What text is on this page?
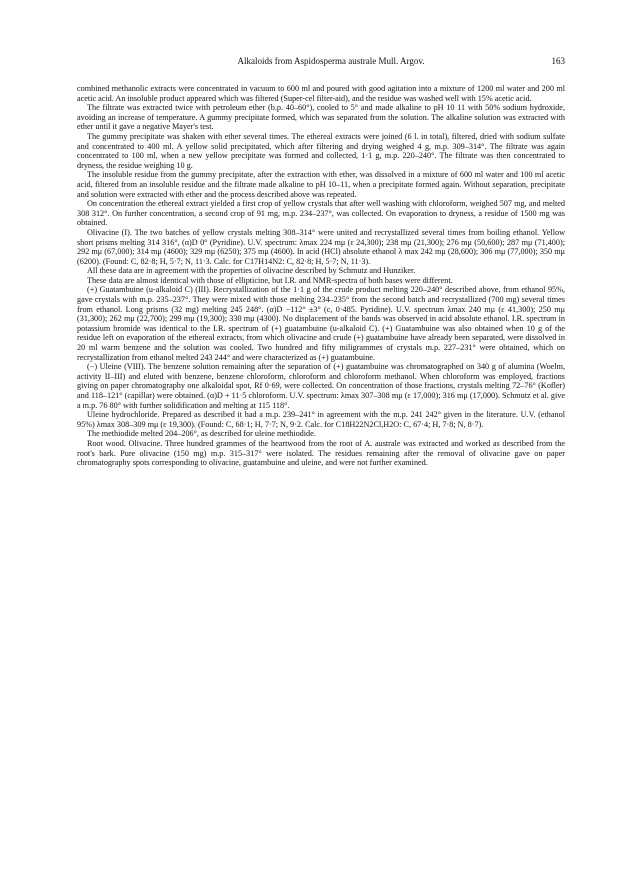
Alkaloids from Aspidosperma australe Mull. Argov.	163

combined methanolic extracts were concentrated in vacuum to 600 ml and poured with good agitation into a mixture of 1200 ml water and 200 ml acetic acid. An insoluble product appeared which was filtered (Super-cel filter-aid), and the residue was washed well with 15% acetic acid.

The filtrate was extracted twice with petroleum ether (b.p. 40–60°), cooled to 5° and made alkaline to pH 10 11 with 50% sodium hydroxide, avoiding an increase of temperature. A gummy precipitate formed, which was separated from the solution. The alkaline solution was extracted with ether until it gave a negative Mayer's test.

The gummy precipitate was shaken with ether several times. The ethereal extracts were joined (6 l. in total), filtered, dried with sodium sulfate and concentrated to 400 ml. A yellow solid precipitated, which after filtering and drying weighed 4 g, m.p. 309–314°. The filtrate was again concentrated to 100 ml, when a new yellow precipitate was formed and collected, 1·1 g, m.p. 220–240°. The filtrate was then concentrated to dryness, the residue weighing 10 g.

The insoluble residue from the gummy precipitate, after the extraction with ether, was dissolved in a mixture of 600 ml water and 100 ml acetic acid, filtered from an insoluble residue and the filtrate made alkaline to pH 10–11, when a precipitate formed again. Without separation, precipitate and solution were extracted with ether and the process described above was repeated.

On concentration the ethereal extract yielded a first crop of yellow crystals that after well washing with chloroform, weighed 507 mg, and melted 308 312°. On further concentration, a second crop of 91 mg, m.p. 234–237°, was collected. On evaporation to dryness, a residue of 1500 mg was obtained.

Olivacine (I). The two batches of yellow crystals melting 308–314° were united and recrystallized several times from boiling ethanol. Yellow short prisms melting 314 316°, (α)D 0° (Pyridine). U.V. spectrum: λmax 224 mμ (ε 24,300); 238 mμ (21,300); 276 mμ (50,600); 287 mμ (71,400); 292 mμ (67,000); 314 mμ (4600); 329 mμ (6250); 375 mμ (4600). In acid (HCl) absolute ethanol λ max 242 mμ (28,600); 306 mμ (77,000); 350 mμ (6200). (Found: C, 82·8; H, 5·7; N, 11·3. Calc. for C17H14N2: C, 82·8; H, 5·7; N, 11·3).

All these data are in agreement with the properties of olivacine described by Schmutz and Hunziker.

These data are almost identical with those of ellipticine, but I.R. and NMR-spectra of both bases were different.

(+) Guatambuine (u-alkaloid C) (III). Recrystallization of the 1·1 g of the crude product melting 220–240° described above, from ethanol 95%, gave crystals with m.p. 235–237°. They were mixed with those melting 234–235° from the second batch and recrystallized (700 mg) several times from ethanol. Long prisms (32 mg) melting 245 248°. (α)D −112° ±3° (c, 0·485. Pyridine). U.V. spectrum λmax 240 mμ (ε 41,300); 250 mμ (31,300); 262 mμ (22,700); 299 mμ (19,300); 330 mμ (4300). No displacement of the bands was observed in acid absolute ethanol. I.R. spectrum in potassium bromide was identical to the I.R. spectrum of (+) guatambuine (u-alkaloid C). (+) Guatambuine was also obtained when 10 g of the residue left on evaporation of the ethereal extracts, from which olivacine and crude (+) guatambuine have already been separated, were dissolved in 20 ml warm benzene and the solution was cooled. Two hundred and fifty miligrammes of crystals m.p. 227–231° were obtained, which on recrystallization from ethanol melted 243 244° and were characterized as (+) guatambuine.

(−) Uleine (VIII). The benzene solution remaining after the separation of (+) guatambuine was chromatographed on 340 g of alumina (Woelm, activity II–III) and eluted with benzene, benzene chloroform, chloroform and chloroform methanol. When chloroform was employed, fractions giving on paper chromatography one alkaloidal spot, Rf 0·69, were collected. On concentration of those fractions, crystals melting 72–76° (Kofler) and 118–121° (capillar) were obtained. (α)D + 11·5 chloroform. U.V. spectrum: λmax 307–308 mμ (ε 17,000); 316 mμ (17,000). Schmutz et al. give a m.p. 76 80° with further solidification and melting at 115 118°.

Uleine hydrochloride. Prepared as described it had a m.p. 239–241° in agreement with the m.p. 241 242° given in the literature. U.V. (ethanol 95%) λmax 308–309 mμ (ε 19,300). (Found: C, 68·1; H, 7·7; N, 9·2. Calc. for C18H22N2Cl,H2O: C, 67·4; H, 7·8; N, 8·7).

The methiodide melted 204–206°, as described for uleine methiodide.

Root wood. Olivacine. Three hundred grammes of the heartwood from the root of A. australe was extracted and worked as described from the root's bark. Pure olivacine (150 mg) m.p. 315–317° were isolated. The residues remaining after the removal of olivacine gave on paper chromatography spots corresponding to olivacine, guatambuine and uleine, and were not further examined.
